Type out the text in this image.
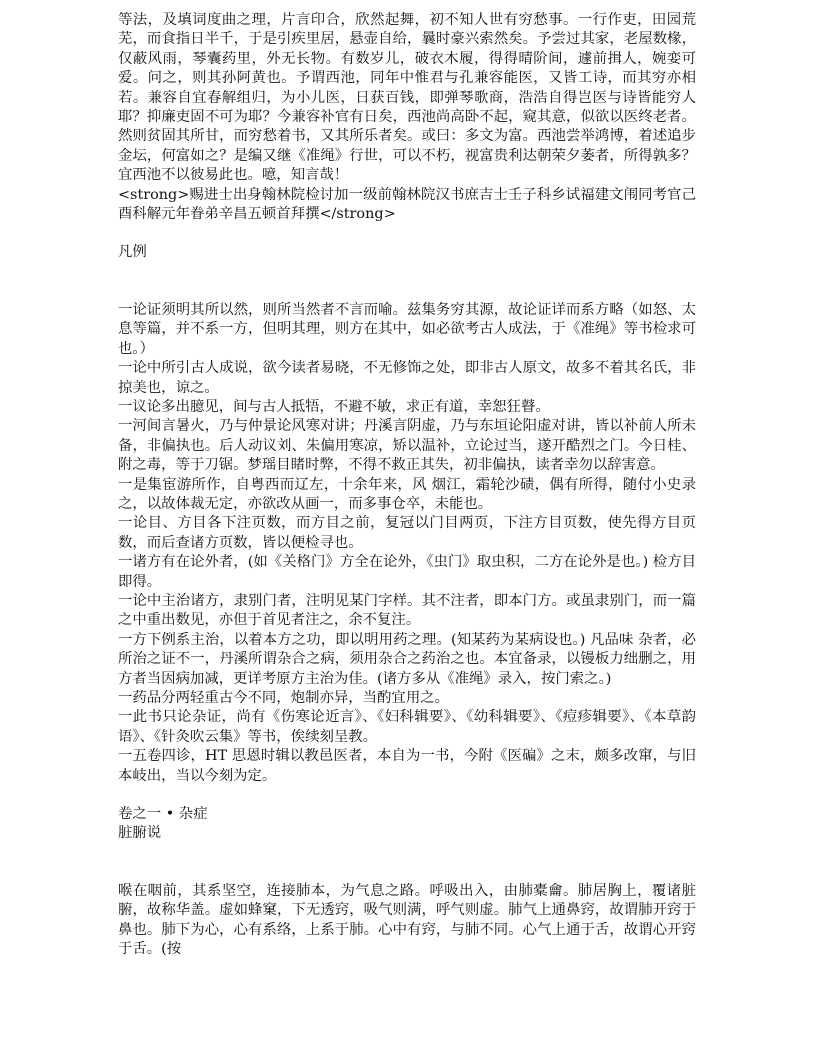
等法，及填词度曲之理，片言印合，欣然起舞，初不知人世有穷愁事。一行作吏，田园荒芜，而食指日半千，于是引疾里居，悬壶自给，曩时豪兴索然矣。予尝过其家，老屋数椽，仅蔽风雨，琴囊药里，外无长物。有数岁儿，破衣木履，得得晴阶间，遽前揖人，婉娈可爱。问之，则其孙阿黄也。予谓西池，同年中惟君与孔兼容能医，又皆工诗，而其穷亦相若。兼容自宜春解组归，为小儿医，日获百钱，即弹琴歌商，浩浩自得岂医与诗皆能穷人耶？抑廉吏固不可为耶？今兼容补官有日矣，西池尚高卧不起，窥其意，似欲以医终老者。然则贫固其所甘，而穷愁着书，又其所乐者矣。或曰：多文为富。西池尝举鸿博，着述追步金坛，何富如之？是编又继《准绳》行世，可以不朽，视富贵利达朝荣夕萎者，所得孰多？宜西池不以彼易此也。噫，知言哉！

<strong>赐进士出身翰林院检讨加一级前翰林院汉书庶吉士壬子科乡试福建文闱同考官己酉科解元年眷弟辛昌五顿首拜撰</strong>

凡例

一论证须明其所以然，则所当然者不言而喻。兹集务穷其源，故论证详而系方略（如怒、太息等篇，并不系一方，但明其理，则方在其中，如必欲考古人成法，于《准绳》等书检求可也。）

一论中所引古人成说，欲今读者易晓，不无修饰之处，即非古人原文，故多不着其名氏，非掠美也，谅之。

一议论多出臆见，间与古人抵牾，不避不敏，求正有道，幸恕狂瞽。

一河间言暑火，乃与仲景论风寒对讲；丹溪言阴虚，乃与东垣论阳虚对讲，皆以补前人所未备，非偏执也。后人动议刘、朱偏用寒凉，矫以温补，立论过当，遂开酷烈之门。今日桂、附之毒，等于刀锯。梦瑶目睹时弊，不得不救正其失，初非偏执，读者幸勿以辞害意。

一是集宦游所作，自粤西而辽左，十余年来，风 烟江，霜轮沙碛，偶有所得，随付小史录之，以故体裁无定，亦欲改从画一，而多事仓卒，未能也。

一论目、方目各下注页数，而方目之前，复冠以门目两页，下注方目页数，使先得方目页数，而后查诸方页数，皆以便检寻也。

一诸方有在论外者，(如《关格门》方全在论外，《虫门》取虫积，二方在论外是也。) 检方目即得。

一论中主治诸方，隶别门者，注明见某门字样。其不注者，即本门方。或虽隶别门，而一篇之中重出数见，亦但于首见者注之，余不复注。

一方下例系主治，以着本方之功，即以明用药之理。(知某药为某病设也。) 凡品味 杂者，必所治之证不一，丹溪所谓杂合之病，须用杂合之药治之也。本宜备录，以镘板力绌删之，用方者当因病加减，更详考原方主治为佳。(诸方多从《准绳》录入，按门索之。)

一药品分两轻重古今不同，炮制亦异，当酌宜用之。

一此书只论杂证，尚有《伤寒论近言》、《妇科辑要》、《幼科辑要》、《痘疹辑要》、《本草韵语》、《针灸吹云集》等书，俟续刻呈教。

一五卷四诊，HT 思恩时辑以教邑医者，本自为一书，今附《医碥》之末，颇多改窜，与旧本岐出，当以今刻为定。

卷之一 • 杂症

脏腑说

喉在咽前，其系坚空，连接肺本，为气息之路。呼吸出入，由肺橐龠。肺居胸上，覆诸脏腑，故称华盖。虚如蜂窠，下无透窍，吸气则满，呼气则虚。肺气上通鼻窍，故谓肺开窍于鼻也。肺下为心，心有系络，上系于肺。心中有窍，与肺不同。心气上通于舌，故谓心开窍于舌。(按
